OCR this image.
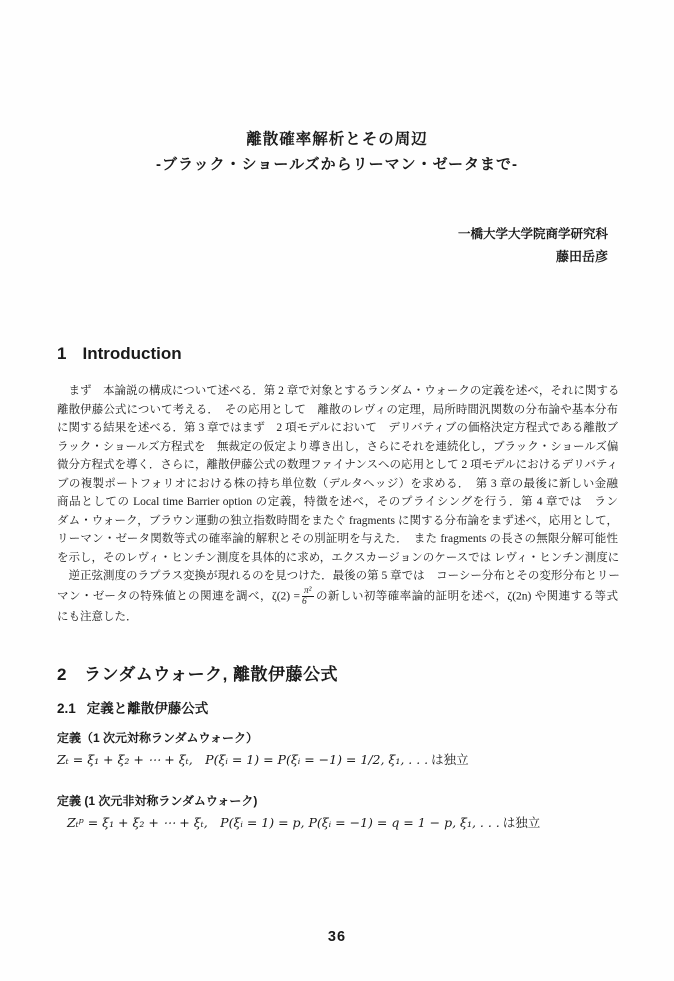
離散確率解析とその周辺
-ブラック・ショールズからリーマン・ゼータまで-
一橋大学大学院商学研究科
藤田岳彦
1 Introduction
　まず　本論説の構成について述べる．第 2 章で対象とするランダム・ウォークの定義を述べ，それに関する
離散伊藤公式について考える．　その応用として　離散のレヴィの定理，局所時間汎関数の分布論や基本分布
に関する結果を述べる．第 3 章ではまず　2 項モデルにおいて　デリバティブの価格決定方程式である離散ブ
ラック・ショールズ方程式を　無裁定の仮定より導き出し，さらにそれを連続化し，ブラック・ショールズ偏
微分方程式を導く．さらに，離散伊藤公式の数理ファイナンスへの応用として 2 項モデルにおけるデリバティ
ブの複製ポートフォリオにおける株の持ち単位数（デルタヘッジ）を求める．　第 3 章の最後に新しい金融
商品としての Local time Barrier option の定義，特徴を述べ，そのプライシングを行う．第 4 章では　ラン
ダム・ウォーク，ブラウン運動の独立指数時間をまたぐ fragments に関する分布論をまず述べ，応用として，
リーマン・ゼータ関数等式の確率論的解釈とその別証明を与えた．　また fragments の長さの無限分解可能性
を示し，そのレヴィ・ヒンチン測度を具体的に求め，エクスカージョンのケースでは レヴィ・ヒンチン測度に
　逆正弦測度のラプラス変換が現れるのを見つけた．最後の第 5 章では　コーシー分布とその変形分布とリー
マン・ゼータの特殊値との関連を調べ，$\zeta(2) = \frac{\text{π²}}{6}$ の新しい初等確率論的証明を述べ，ζ(2n) や関連する等式
にも注意した．
2 ランダムウォーク, 離散伊藤公式
2.1 定義と離散伊藤公式
定義（1 次元対称ランダムウォーク）
Zₜ = ξ₁ + ξ₂ + ⋯ + ξₜ,　P(ξᵢ = 1) = P(ξᵢ = −1) = 1/2, ξ₁, . . . は独立
定義 (1 次元非対称ランダムウォーク)
Zₜᵖ = ξ₁ + ξ₂ + ⋯ + ξₜ,　P(ξᵢ = 1) = p, P(ξᵢ = −1) = q = 1 − p, ξ₁, . . . は独立
36
